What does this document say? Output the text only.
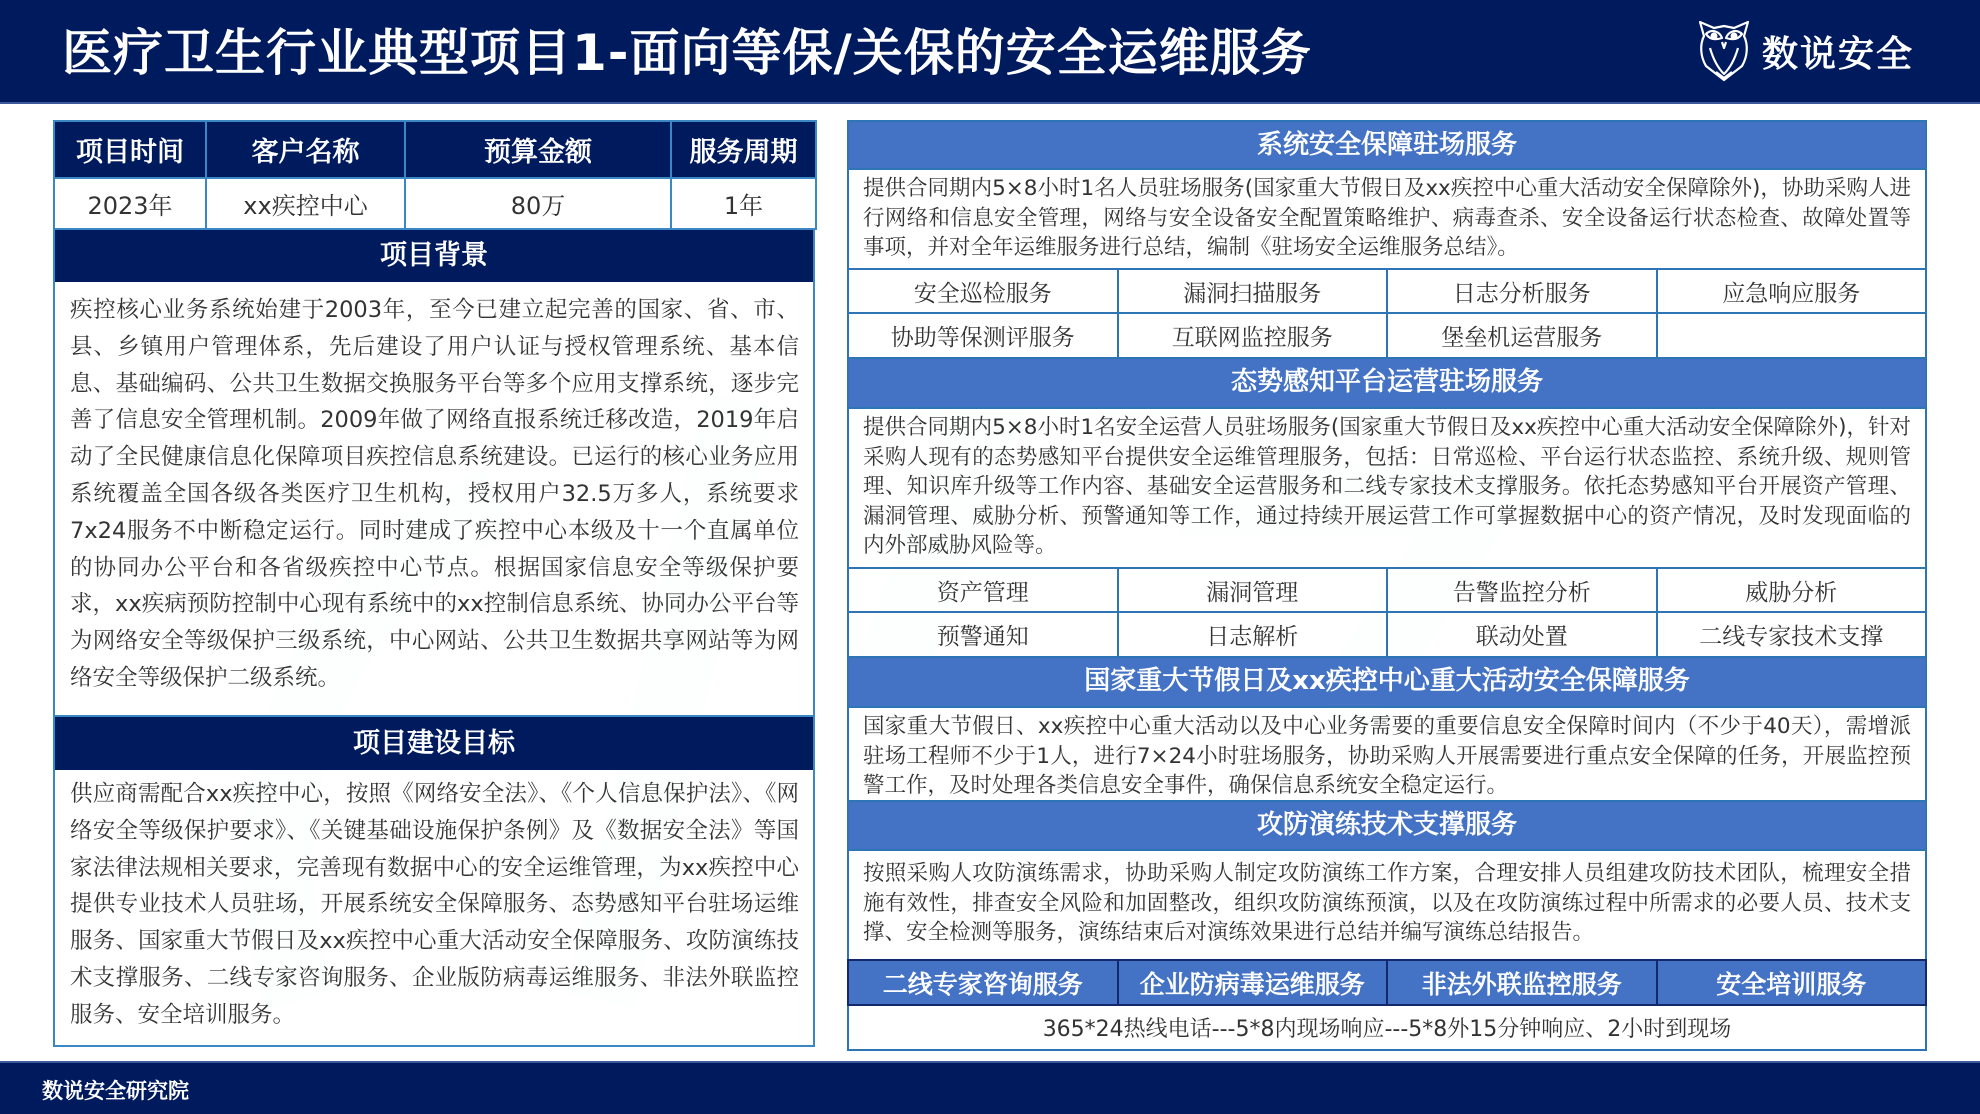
医疗卫生行业典型项目1-面向等保/关保的安全运维服务	数说安全
项目时间	客户名称	预算金额	服务周期
2023年	xx疾控中心	80万	1年
项目背景
疾控核心业务系统始建于2003年，至今已建立起完善的国家、省、市、县、乡镇用户管理体系，先后建设了用户认证与授权管理系统、基本信息、基础编码、公共卫生数据交换服务平台等多个应用支撑系统，逐步完善了信息安全管理机制。2009年做了网络直报系统迁移改造，2019年启动了全民健康信息化保障项目疾控信息系统建设。已运行的核心业务应用系统覆盖全国各级各类医疗卫生机构，授权用户32.5万多人，系统要求7x24服务不中断稳定运行。同时建成了疾控中心本级及十一个直属单位的协同办公平台和各省级疾控中心节点。根据国家信息安全等级保护要求，xx疾病预防控制中心现有系统中的xx控制信息系统、协同办公平台等为网络安全等级保护三级系统，中心网站、公共卫生数据共享网站等为网络安全等级保护二级系统。
项目建设目标
供应商需配合xx疾控中心，按照《网络安全法》、《个人信息保护法》、《网络安全等级保护要求》、《关键基础设施保护条例》及《数据安全法》等国家法律法规相关要求，完善现有数据中心的安全运维管理，为xx疾控中心提供专业技术人员驻场，开展系统安全保障服务、态势感知平台驻场运维服务、国家重大节假日及xx疾控中心重大活动安全保障服务、攻防演练技术支撑服务、二线专家咨询服务、企业版防病毒运维服务、非法外联监控服务、安全培训服务。
系统安全保障驻场服务
提供合同期内5×8小时1名人员驻场服务(国家重大节假日及xx疾控中心重大活动安全保障除外)，协助采购人进行网络和信息安全管理，网络与安全设备安全配置策略维护、病毒查杀、安全设备运行状态检查、故障处置等事项，并对全年运维服务进行总结，编制《驻场安全运维服务总结》。
安全巡检服务	漏洞扫描服务	日志分析服务	应急响应服务
协助等保测评服务	互联网监控服务	堡垒机运营服务
态势感知平台运营驻场服务
提供合同期内5×8小时1名安全运营人员驻场服务(国家重大节假日及xx疾控中心重大活动安全保障除外)，针对采购人现有的态势感知平台提供安全运维管理服务，包括：日常巡检、平台运行状态监控、系统升级、规则管理、知识库升级等工作内容、基础安全运营服务和二线专家技术支撑服务。依托态势感知平台开展资产管理、漏洞管理、威胁分析、预警通知等工作，通过持续开展运营工作可掌握数据中心的资产情况，及时发现面临的内外部威胁风险等。
资产管理	漏洞管理	告警监控分析	威胁分析
预警通知	日志解析	联动处置	二线专家技术支撑
国家重大节假日及xx疾控中心重大活动安全保障服务
国家重大节假日、xx疾控中心重大活动以及中心业务需要的重要信息安全保障时间内（不少于40天），需增派驻场工程师不少于1人，进行7×24小时驻场服务，协助采购人开展需要进行重点安全保障的任务，开展监控预警工作，及时处理各类信息安全事件，确保信息系统安全稳定运行。
攻防演练技术支撑服务
按照采购人攻防演练需求，协助采购人制定攻防演练工作方案，合理安排人员组建攻防技术团队，梳理安全措施有效性，排查安全风险和加固整改，组织攻防演练预演，以及在攻防演练过程中所需求的必要人员、技术支撑、安全检测等服务，演练结束后对演练效果进行总结并编写演练总结报告。
二线专家咨询服务	企业防病毒运维服务	非法外联监控服务	安全培训服务
365*24热线电话---5*8内现场响应---5*8外15分钟响应、2小时到现场
数说安全研究院
